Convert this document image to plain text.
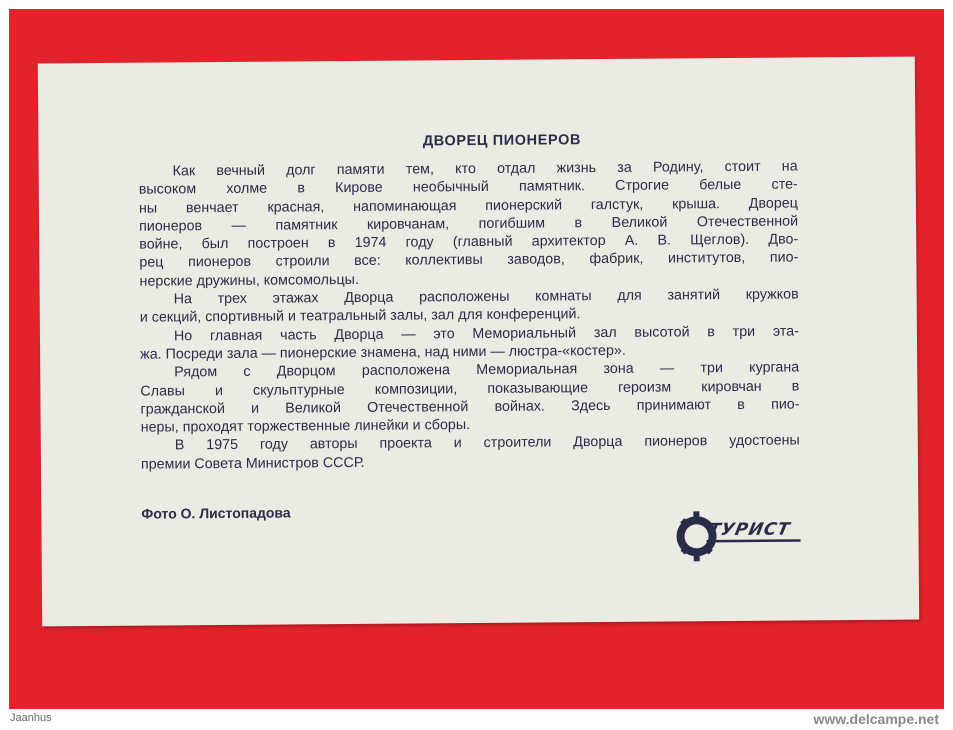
ДВОРЕЦ ПИОНЕРОВ
Как вечный долг памяти тем, кто отдал жизнь за Родину, стоит на
высоком холме в Кирове необычный памятник. Строгие белые сте-
ны венчает красная, напоминающая пионерский галстук, крыша. Дворец
пионеров — памятник кировчанам, погибшим в Великой Отечественной
войне, был построен в 1974 году (главный архитектор А. В. Щеглов). Дво-
рец пионеров строили все: коллективы заводов, фабрик, институтов, пио-
нерские дружины, комсомольцы.
На трех этажах Дворца расположены комнаты для занятий кружков
и секций, спортивный и театральный залы, зал для конференций.
Но главная часть Дворца — это Мемориальный зал высотой в три эта-
жа. Посреди зала — пионерские знамена, над ними — люстра-«костер».
Рядом с Дворцом расположена Мемориальная зона — три кургана
Славы и скульптурные композиции, показывающие героизм кировчан в
гражданской и Великой Отечественной войнах. Здесь принимают в пио-
неры, проходят торжественные линейки и сборы.
В 1975 году авторы проекта и строители Дворца пионеров удостоены
премии Совета Министров СССР.
Фото О. Листопадова
ТУРИСТ
Jaanhus	www.delcampe.net
